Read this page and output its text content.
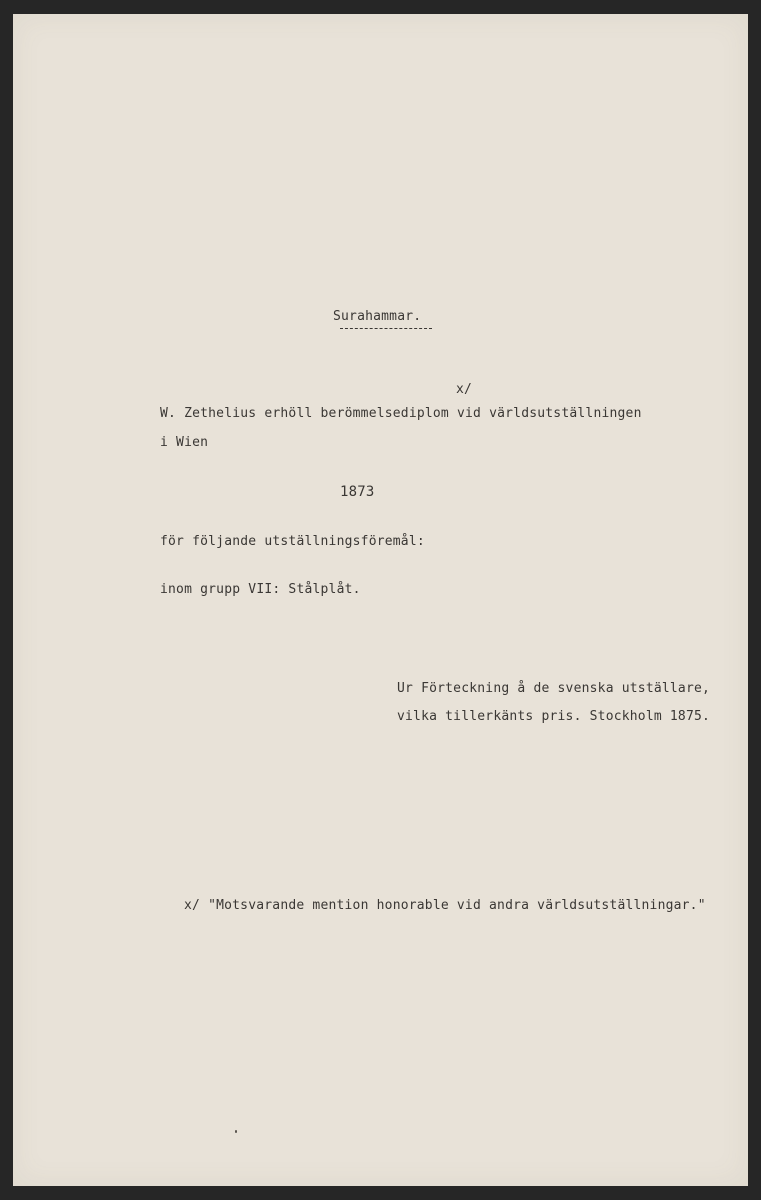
Surahammar.
x/
W. Zethelius erhöll berömmelsediplom vid världsutställningen
i Wien
1873
för följande utställningsföremål:
inom grupp VII: Stålplåt.
Ur Förteckning å de svenska utställare,
vilka tillerkänts pris. Stockholm 1875.
x/ "Motsvarande mention honorable vid andra världsutställningar."
